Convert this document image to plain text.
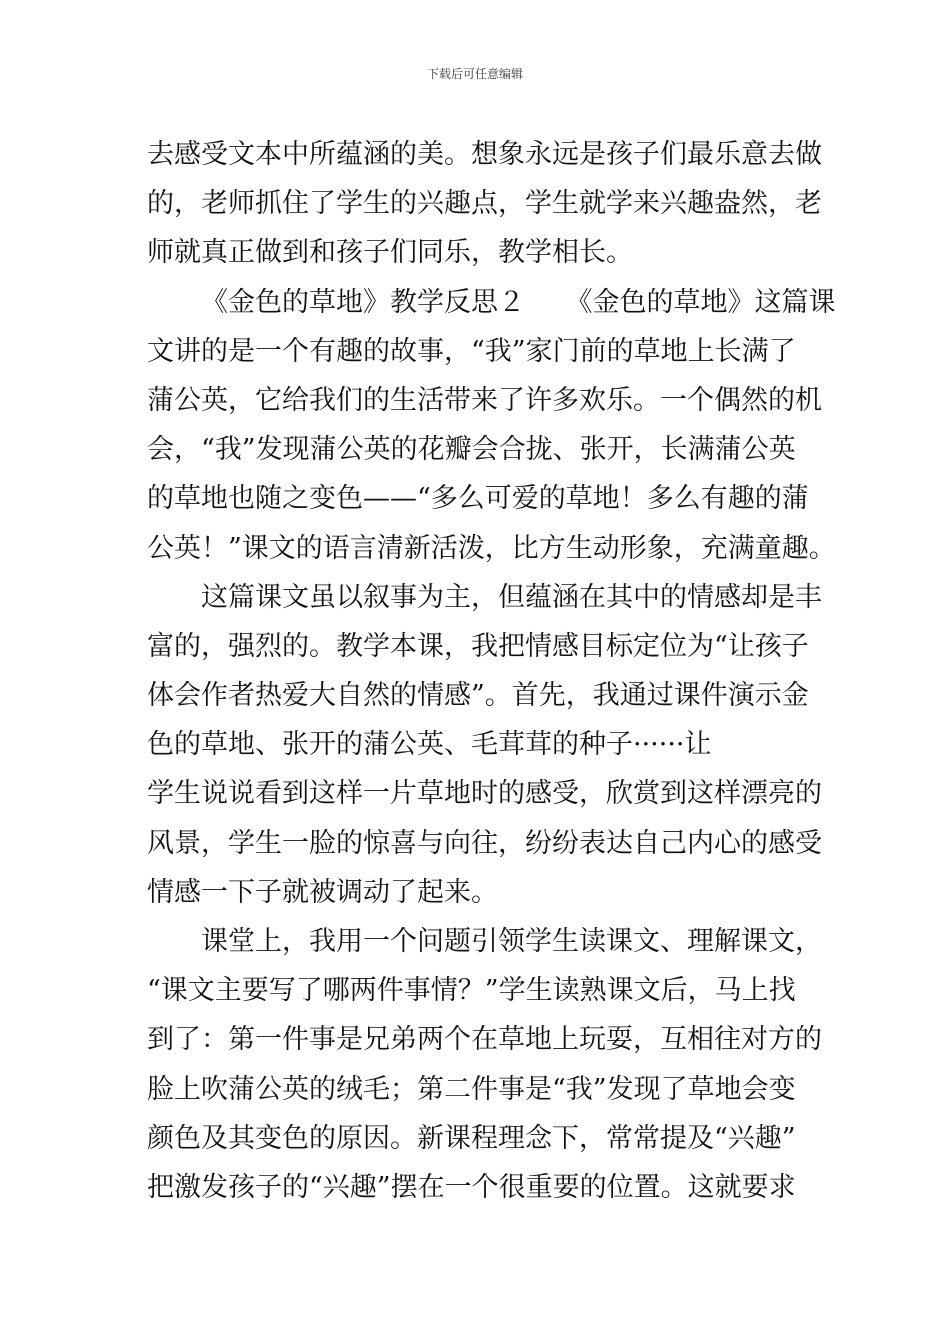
下载后可任意编辑
去感受文本中所蕴涵的美。想象永远是孩子们最乐意去做
的，老师抓住了学生的兴趣点，学生就学来兴趣盎然，老
师就真正做到和孩子们同乐，教学相长。
《金色的草地》教学反思２　　《金色的草地》这篇课
文讲的是一个有趣的故事，“我”家门前的草地上长满了
蒲公英，它给我们的生活带来了许多欢乐。一个偶然的机
会，“我”发现蒲公英的花瓣会合拢、张开，长满蒲公英
的草地也随之变色——“多么可爱的草地！多么有趣的蒲
公英！”课文的语言清新活泼，比方生动形象，充满童趣。
这篇课文虽以叙事为主，但蕴涵在其中的情感却是丰
富的，强烈的。教学本课，我把情感目标定位为“让孩子
体会作者热爱大自然的情感”。首先，我通过课件演示金
色的草地、张开的蒲公英、毛茸茸的种子······让
学生说说看到这样一片草地时的感受，欣赏到这样漂亮的
风景，学生一脸的惊喜与向往，纷纷表达自己内心的感受
情感一下子就被调动了起来。
课堂上，我用一个问题引领学生读课文、理解课文，
“课文主要写了哪两件事情？”学生读熟课文后，马上找
到了：第一件事是兄弟两个在草地上玩耍，互相往对方的
脸上吹蒲公英的绒毛；第二件事是“我”发现了草地会变
颜色及其变色的原因。新课程理念下，常常提及“兴趣”
把激发孩子的“兴趣”摆在一个很重要的位置。这就要求
